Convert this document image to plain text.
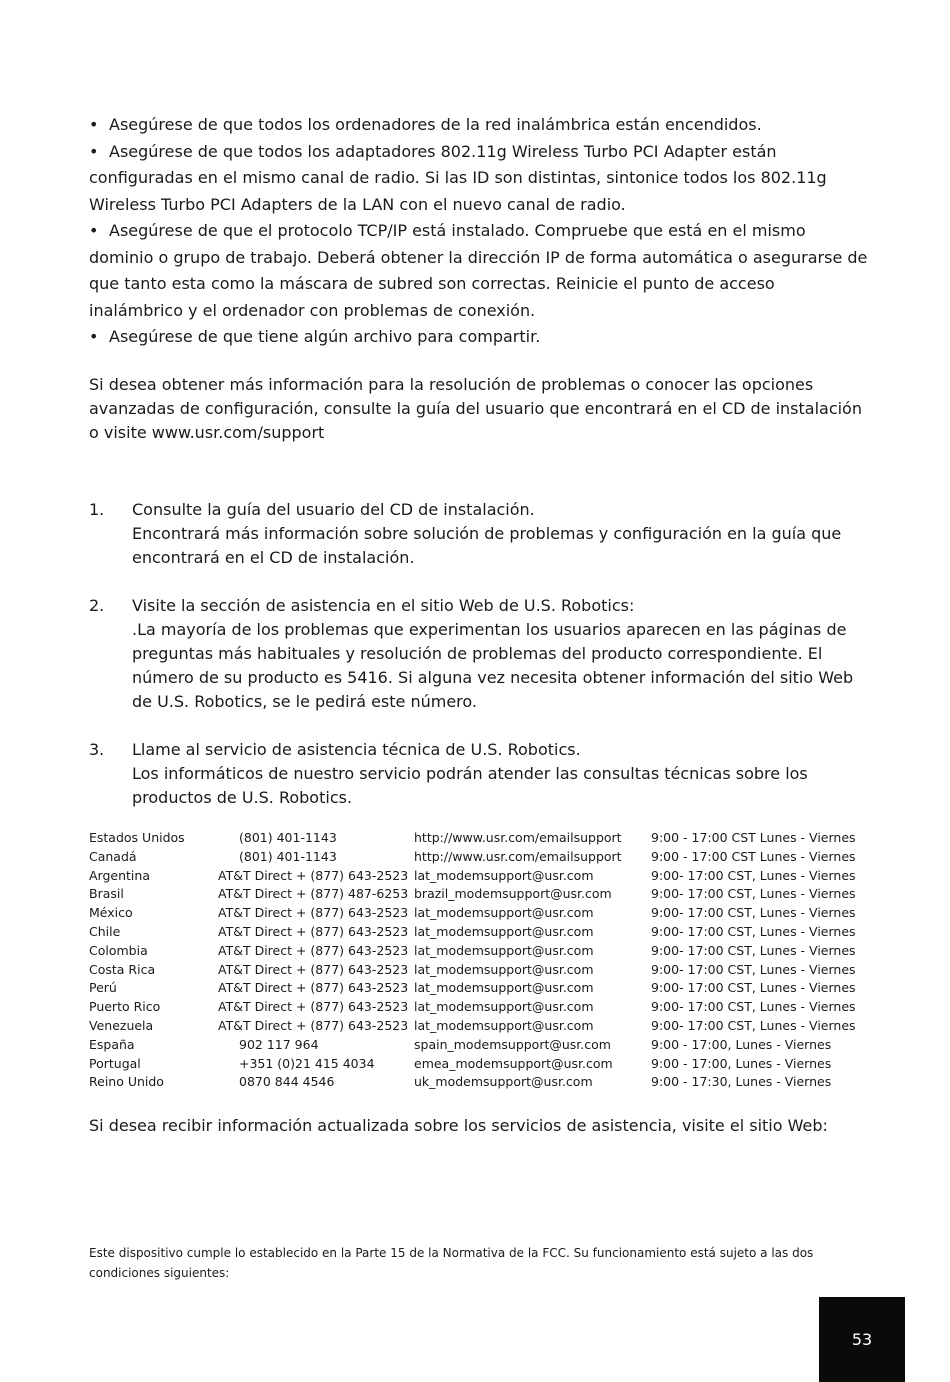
• Asegúrese de que todos los ordenadores de la red inalámbrica están encendidos.

• Asegúrese de que todos los adaptadores 802.11g Wireless Turbo PCI Adapter están configuradas en el mismo canal de radio. Si las ID son distintas, sintonice todos los 802.11g Wireless Turbo PCI Adapters de la LAN con el nuevo canal de radio.

• Asegúrese de que el protocolo TCP/IP está instalado. Compruebe que está en el mismo dominio o grupo de trabajo. Deberá obtener la dirección IP de forma automática o asegurarse de que tanto esta como la máscara de subred son correctas. Reinicie el punto de acceso inalámbrico y el ordenador con problemas de conexión.

• Asegúrese de que tiene algún archivo para compartir.

Si desea obtener más información para la resolución de problemas o conocer las opciones avanzadas de configuración, consulte la guía del usuario que encontrará en el CD de instalación o visite www.usr.com/support

1. Consulte la guía del usuario del CD de instalación.
Encontrará más información sobre solución de problemas y configuración en la guía que encontrará en el CD de instalación.
2. Visite la sección de asistencia en el sitio Web de U.S. Robotics:
.La mayoría de los problemas que experimentan los usuarios aparecen en las páginas de preguntas más habituales y resolución de problemas del producto correspondiente. El número de su producto es 5416. Si alguna vez necesita obtener información del sitio Web de U.S. Robotics, se le pedirá este número.
3. Llame al servicio de asistencia técnica de U.S. Robotics.
Los informáticos de nuestro servicio podrán atender las consultas técnicas sobre los productos de U.S. Robotics.
Estados Unidos	(801) 401-1143	http://www.usr.com/emailsupport	9:00 - 17:00 CST Lunes - Viernes
Canadá	(801) 401-1143	http://www.usr.com/emailsupport	9:00 - 17:00 CST Lunes - Viernes
Argentina	AT&T Direct + (877) 643-2523	lat_modemsupport@usr.com	9:00- 17:00 CST, Lunes - Viernes
Brasil	AT&T Direct + (877) 487-6253	brazil_modemsupport@usr.com	9:00- 17:00 CST, Lunes - Viernes
México	AT&T Direct + (877) 643-2523	lat_modemsupport@usr.com	9:00- 17:00 CST, Lunes - Viernes
Chile	AT&T Direct + (877) 643-2523	lat_modemsupport@usr.com	9:00- 17:00 CST, Lunes - Viernes
Colombia	AT&T Direct + (877) 643-2523	lat_modemsupport@usr.com	9:00- 17:00 CST, Lunes - Viernes
Costa Rica	AT&T Direct + (877) 643-2523	lat_modemsupport@usr.com	9:00- 17:00 CST, Lunes - Viernes
Perú	AT&T Direct + (877) 643-2523	lat_modemsupport@usr.com	9:00- 17:00 CST, Lunes - Viernes
Puerto Rico	AT&T Direct + (877) 643-2523	lat_modemsupport@usr.com	9:00- 17:00 CST, Lunes - Viernes
Venezuela	AT&T Direct + (877) 643-2523	lat_modemsupport@usr.com	9:00- 17:00 CST, Lunes - Viernes
España	902 117 964	spain_modemsupport@usr.com	9:00 - 17:00, Lunes - Viernes
Portugal	+351 (0)21 415 4034	emea_modemsupport@usr.com	9:00 - 17:00, Lunes - Viernes
Reino Unido	0870 844 4546	uk_modemsupport@usr.com	9:00 - 17:30, Lunes - Viernes

Si desea recibir información actualizada sobre los servicios de asistencia, visite el sitio Web:

Este dispositivo cumple lo establecido en la Parte 15 de la Normativa de la FCC. Su funcionamiento está sujeto a las dos condiciones siguientes:

53
